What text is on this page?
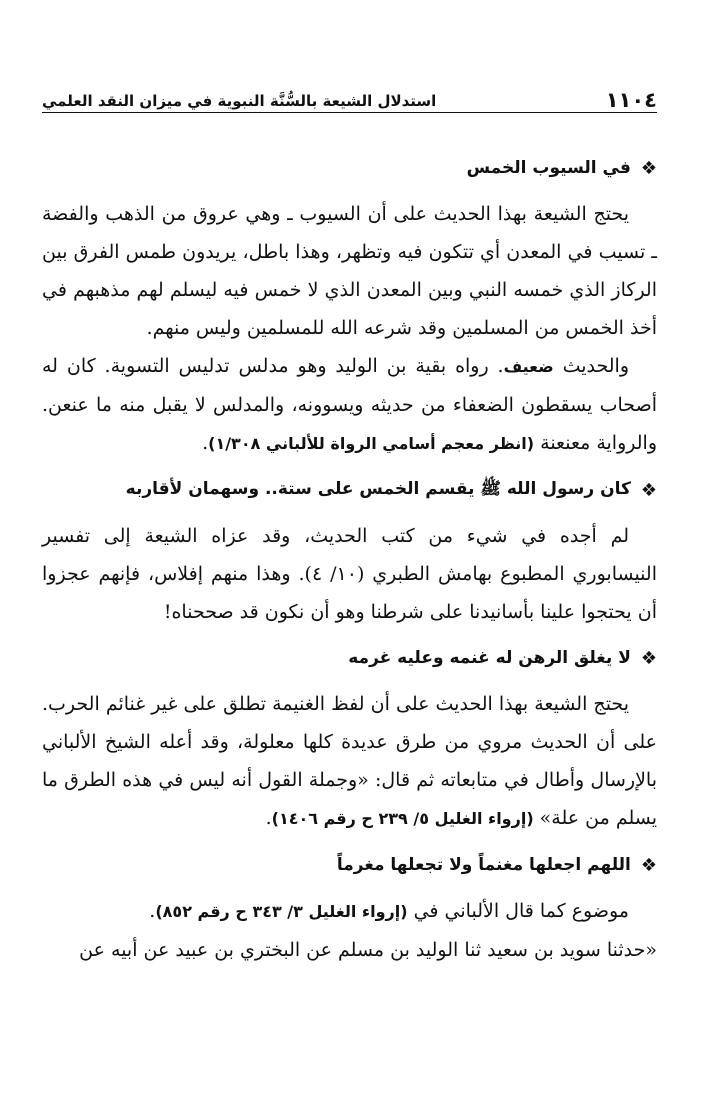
١١٠٤
استدلال الشيعة بالسُّنَّة النبوية في ميزان النقد العلمي
❖
في السيوب الخمس

يحتج الشيعة بهذا الحديث على أن السيوب ـ وهي عروق من الذهب والفضة ـ تسيب في المعدن أي تتكون فيه وتظهر، وهذا باطل، يريدون طمس الفرق بين الركاز الذي خمسه النبي وبين المعدن الذي لا خمس فيه ليسلم لهم مذهبهم في أخذ الخمس من المسلمين وقد شرعه الله للمسلمين وليس منهم.

والحديث ضعيف. رواه بقية بن الوليد وهو مدلس تدليس التسوية. كان له أصحاب يسقطون الضعفاء من حديثه ويسوونه، والمدلس لا يقبل منه ما عنعن. والرواية معنعنة (انظر معجم أسامي الرواة للألباني ١/٣٠٨).

❖
كان رسول الله ﷺ يقسم الخمس على ستة.. وسهمان لأقاربه

لم أجده في شيء من كتب الحديث، وقد عزاه الشيعة إلى تفسير النيسابوري المطبوع بهامش الطبري (١٠/ ٤). وهذا منهم إفلاس، فإنهم عجزوا أن يحتجوا علينا بأسانيدنا على شرطنا وهو أن نكون قد صححناه!

❖
لا يغلق الرهن له غنمه وعليه غرمه

يحتج الشيعة بهذا الحديث على أن لفظ الغنيمة تطلق على غير غنائم الحرب. على أن الحديث مروي من طرق عديدة كلها معلولة، وقد أعله الشيخ الألباني بالإرسال وأطال في متابعاته ثم قال: «وجملة القول أنه ليس في هذه الطرق ما يسلم من علة» (إرواء الغليل ٥/ ٢٣٩ ح رقم ١٤٠٦).

❖
اللهم اجعلها مغنماً ولا تجعلها مغرماً

موضوع كما قال الألباني في (إرواء الغليل ٣/ ٣٤٣ ح رقم ٨٥٢).

«حدثنا سويد بن سعيد ثنا الوليد بن مسلم عن البختري بن عبيد عن أبيه عن
